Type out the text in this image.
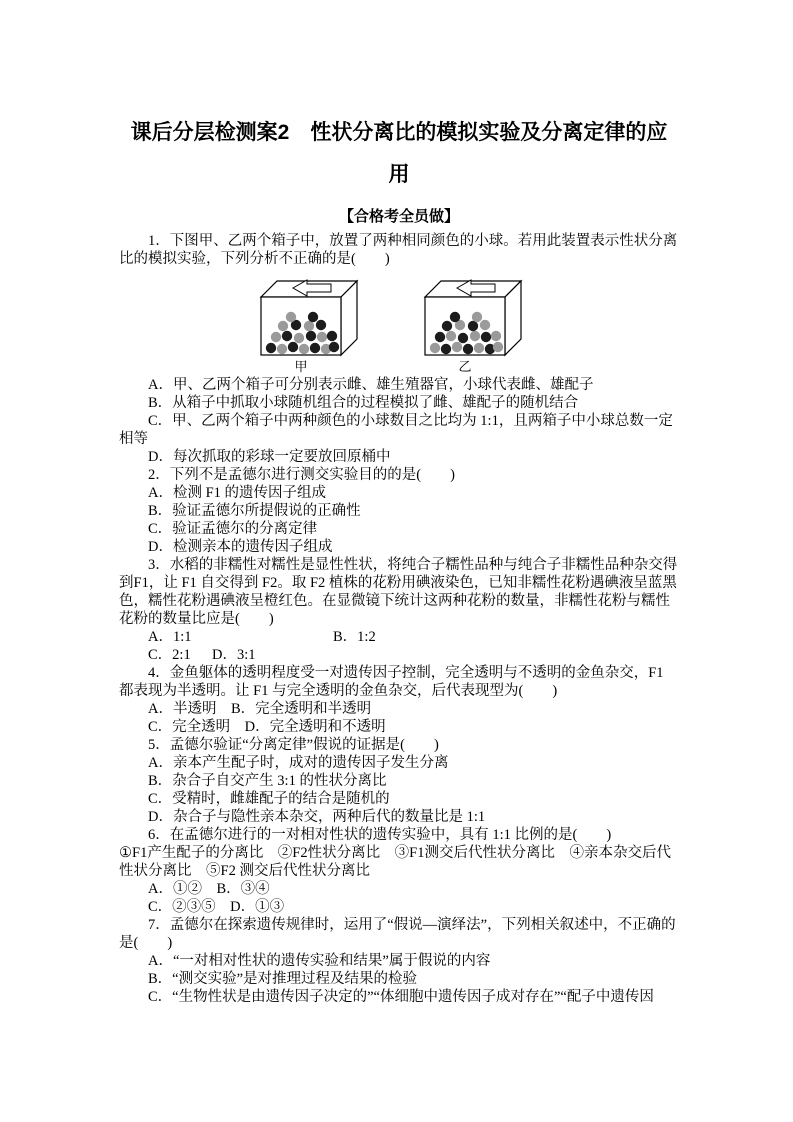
课后分层检测案2　性状分离比的模拟实验及分离定律的应
用
【合格考全员做】

1．下图甲、乙两个箱子中，放置了两种相同颜色的小球。若用此装置表示性状分离比的模拟实验，下列分析不正确的是(　　)

甲	乙

A．甲、乙两个箱子可分别表示雌、雄生殖器官，小球代表雌、雄配子

B．从箱子中抓取小球随机组合的过程模拟了雌、雄配子的随机结合

C．甲、乙两个箱子中两种颜色的小球数目之比均为 1:1，且两箱子中小球总数一定相等

D．每次抓取的彩球一定要放回原桶中

2．下列不是孟德尔进行测交实验目的的是(　　)

A．检测 F1 的遗传因子组成

B．验证孟德尔所提假说的正确性

C．验证孟德尔的分离定律

D．检测亲本的遗传因子组成

3．水稻的非糯性对糯性是显性性状，将纯合子糯性品种与纯合子非糯性品种杂交得到F1，让 F1 自交得到 F2。取 F2 植株的花粉用碘液染色，已知非糯性花粉遇碘液呈蓝黑色，糯性花粉遇碘液呈橙红色。在显微镜下统计这两种花粉的数量，非糯性花粉与糯性花粉的数量比应是(　　)

A．1:1	B．1:2

C．2:1 D．3:1

4．金鱼躯体的透明程度受一对遗传因子控制，完全透明与不透明的金鱼杂交，F1 都表现为半透明。让 F1 与完全透明的金鱼杂交，后代表现型为(　　)

A．半透明　B．完全透明和半透明

C．完全透明　D．完全透明和不透明

5．孟德尔验证“分离定律”假说的证据是(　　)

A．亲本产生配子时，成对的遗传因子发生分离

B．杂合子自交产生 3:1 的性状分离比

C．受精时，雌雄配子的结合是随机的

D．杂合子与隐性亲本杂交，两种后代的数量比是 1:1

6．在孟德尔进行的一对相对性状的遗传实验中，具有 1:1 比例的是(　　)

①F1产生配子的分离比　②F2性状分离比　③F1测交后代性状分离比　④亲本杂交后代性状分离比　⑤F2 测交后代性状分离比

A．①②　B．③④

C．②③⑤　D．①③

7．孟德尔在探索遗传规律时，运用了“假说—演绎法”，下列相关叙述中，不正确的是(　　)

A．“一对相对性状的遗传实验和结果”属于假说的内容

B．“测交实验”是对推理过程及结果的检验

C．“生物性状是由遗传因子决定的”“体细胞中遗传因子成对存在”“配子中遗传因
